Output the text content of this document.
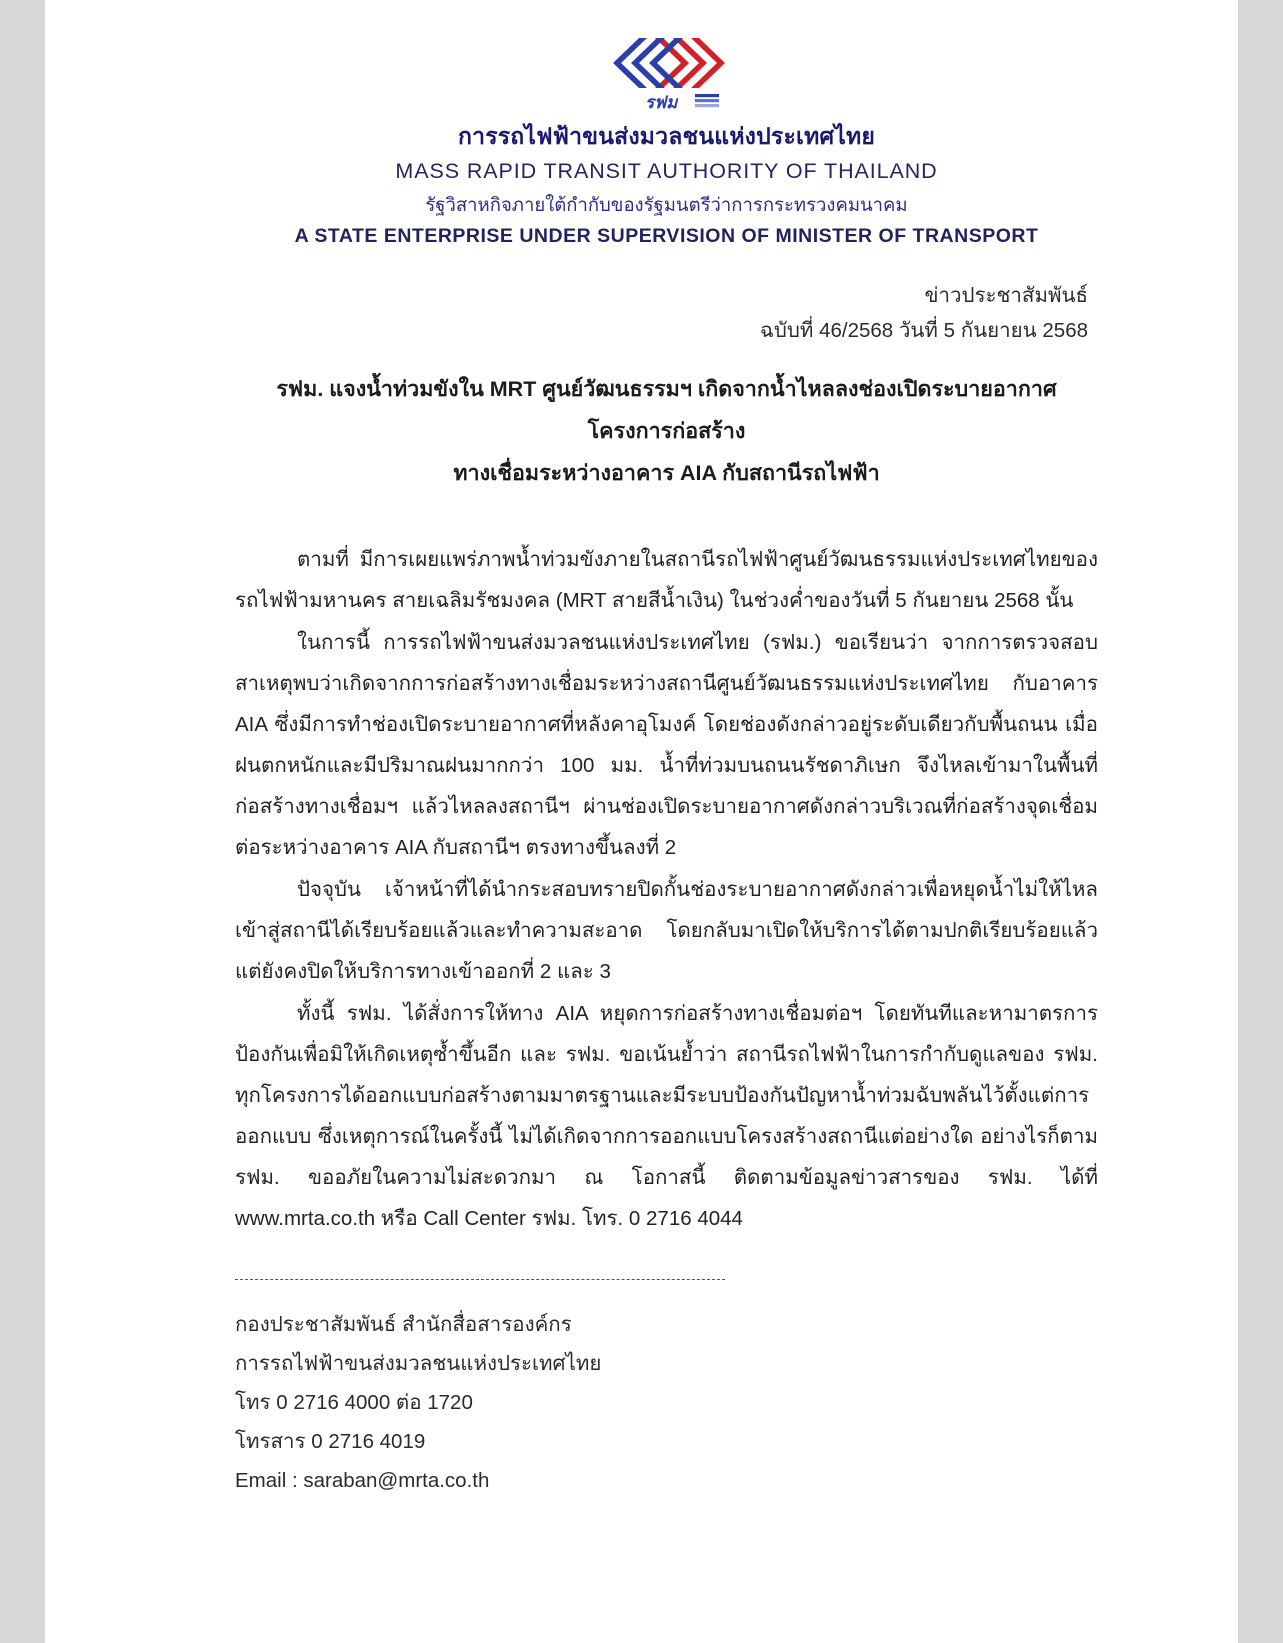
รฟม
การรถไฟฟ้าขนส่งมวลชนแห่งประเทศไทย
MASS RAPID TRANSIT AUTHORITY OF THAILAND
รัฐวิสาหกิจภายใต้กำกับของรัฐมนตรีว่าการกระทรวงคมนาคม
A STATE ENTERPRISE UNDER SUPERVISION OF MINISTER OF TRANSPORT
ข่าวประชาสัมพันธ์
ฉบับที่ 46/2568 วันที่ 5 กันยายน 2568
รฟม. แจงน้ำท่วมขังใน MRT ศูนย์วัฒนธรรมฯ เกิดจากน้ำไหลลงช่องเปิดระบายอากาศโครงการก่อสร้าง
ทางเชื่อมระหว่างอาคาร AIA กับสถานีรถไฟฟ้า

ตามที่ มีการเผยแพร่ภาพน้ำท่วมขังภายในสถานีรถไฟฟ้าศูนย์วัฒนธรรมแห่งประเทศไทยของรถไฟฟ้ามหานคร สายเฉลิมรัชมงคล (MRT สายสีน้ำเงิน) ในช่วงค่ำของวันที่ 5 กันยายน 2568 นั้น

ในการนี้ การรถไฟฟ้าขนส่งมวลชนแห่งประเทศไทย (รฟม.) ขอเรียนว่า จากการตรวจสอบสาเหตุพบว่าเกิดจากการก่อสร้างทางเชื่อมระหว่างสถานีศูนย์วัฒนธรรมแห่งประเทศไทย กับอาคาร AIA ซึ่งมีการทำช่องเปิดระบายอากาศที่หลังคาอุโมงค์ โดยช่องดังกล่าวอยู่ระดับเดียวกับพื้นถนน เมื่อฝนตกหนักและมีปริมาณฝนมากกว่า 100 มม. น้ำที่ท่วมบนถนนรัชดาภิเษก จึงไหลเข้ามาในพื้นที่ก่อสร้างทางเชื่อมฯ แล้วไหลลงสถานีฯ ผ่านช่องเปิดระบายอากาศดังกล่าวบริเวณที่ก่อสร้างจุดเชื่อมต่อระหว่างอาคาร AIA กับสถานีฯ ตรงทางขึ้นลงที่ 2

ปัจจุบัน เจ้าหน้าที่ได้นำกระสอบทรายปิดกั้นช่องระบายอากาศดังกล่าวเพื่อหยุดน้ำไม่ให้ไหลเข้าสู่สถานีได้เรียบร้อยแล้วและทำความสะอาด โดยกลับมาเปิดให้บริการได้ตามปกติเรียบร้อยแล้ว แต่ยังคงปิดให้บริการทางเข้าออกที่ 2 และ 3

ทั้งนี้ รฟม. ได้สั่งการให้ทาง AIA หยุดการก่อสร้างทางเชื่อมต่อฯ โดยทันทีและหามาตรการป้องกันเพื่อมิให้เกิดเหตุซ้ำขึ้นอีก และ รฟม. ขอเน้นย้ำว่า สถานีรถไฟฟ้าในการกำกับดูแลของ รฟม. ทุกโครงการได้ออกแบบก่อสร้างตามมาตรฐานและมีระบบป้องกันปัญหาน้ำท่วมฉับพลันไว้ตั้งแต่การออกแบบ ซึ่งเหตุการณ์ในครั้งนี้ ไม่ได้เกิดจากการออกแบบโครงสร้างสถานีแต่อย่างใด อย่างไรก็ตาม รฟม. ขออภัยในความไม่สะดวกมา ณ โอกาสนี้ ติดตามข้อมูลข่าวสารของ รฟม. ได้ที่ www.mrta.co.th หรือ Call Center รฟม. โทร. 0 2716 4044

กองประชาสัมพันธ์ สำนักสื่อสารองค์กร
การรถไฟฟ้าขนส่งมวลชนแห่งประเทศไทย
โทร 0 2716 4000 ต่อ 1720
โทรสาร 0 2716 4019
Email : saraban@mrta.co.th
